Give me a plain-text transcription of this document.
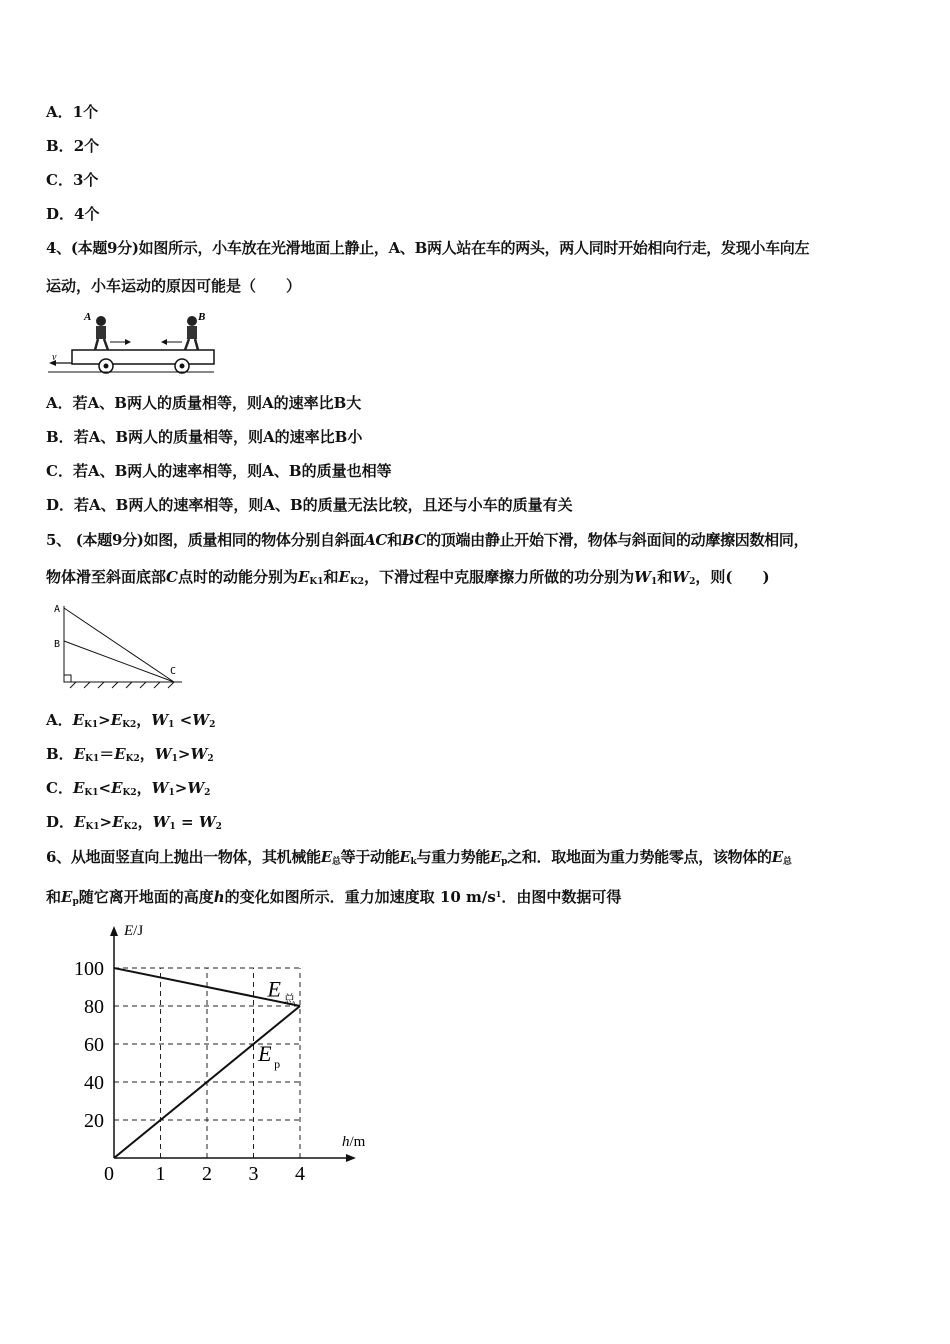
A．1个
B．2个
C．3个
D．4个
4、(本题9分)如图所示，小车放在光滑地面上静止，A、B两人站在车的两头，两人同时开始相向行走，发现小车向左
运动，小车运动的原因可能是（　　）
v
A	B
A．若A、B两人的质量相等，则A的速率比B大
B．若A、B两人的质量相等，则A的速率比B小
C．若A、B两人的速率相等，则A、B的质量也相等
D．若A、B两人的速率相等，则A、B的质量无法比较，且还与小车的质量有关
5、 (本题9分)如图，质量相同的物体分别自斜面AC和BC的顶端由静止开始下滑，物体与斜面间的动摩擦因数相同，
物体滑至斜面底部C点时的动能分别为$E_{K1}$和$E_{K2}$，下滑过程中克服摩擦力所做的功分别为$W_1$和$W_2$，则(　　)
A
B
C
A．$E_{K1}>E_{K2}$，$W_1 <W_2$
B．$E_{K1}=E_{K2}$，$W_1>W_2$
C．$E_{K1}<E_{K2}$，$W_1>W_2$
D．$E_{K1}>E_{K2}$，$W_1 = W_2$
6、从地面竖直向上抛出一物体，其机械能$E_总$等于动能$E_k$与重力势能$E_p$之和．取地面为重力势能零点，该物体的$E_总$
和$E_p$随它离开地面的高度h的变化如图所示．重力加速度取 10 $m/s^1$．由图中数据可得
0 1 2 3 4
20
40
60
80
100
h/m
E/J
E 总
E p
